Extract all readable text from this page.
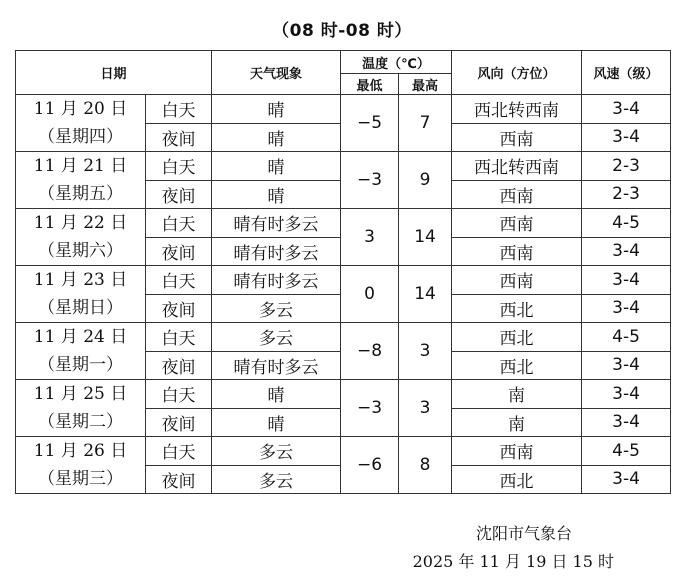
（08 时-08 时）
日期		天气现象	温度（℃）		风向（方位）	风速（级）
			最低	最高		

11 月 20 日
（星期四）	白天	晴	−5	7	西北转西南	3-4
	夜间	晴			西南	3-4

11 月 21 日
（星期五）	白天	晴	−3	9	西北转西南	2-3
	夜间	晴			西南	2-3

11 月 22 日
（星期六）	白天	晴有时多云	3	14	西南	4-5
	夜间	晴有时多云			西南	3-4

11 月 23 日
（星期日）	白天	晴有时多云	0	14	西南	3-4
	夜间	多云			西北	3-4

11 月 24 日
（星期一）	白天	多云	−8	3	西北	4-5
	夜间	晴有时多云			西北	3-4

11 月 25 日
（星期二）	白天	晴	−3	3	南	3-4
	夜间	晴			南	3-4

11 月 26 日
（星期三）	白天	多云	−6	8	西南	4-5
	夜间	多云			西北	3-4
沈阳市气象台
2025 年 11 月 19 日 15 时
